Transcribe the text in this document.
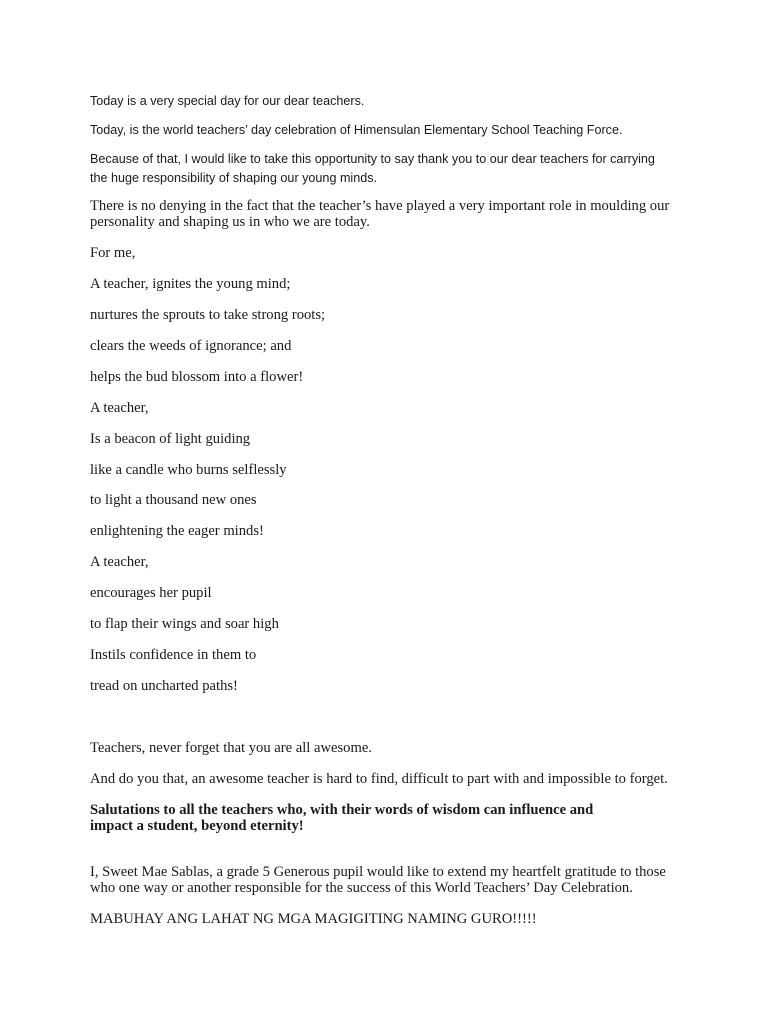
Today is a very special day for our dear teachers.

Today, is the world teachers’ day celebration of Himensulan Elementary School Teaching Force.

Because of that, I would like to take this opportunity to say thank you to our dear teachers for carrying

the huge responsibility of shaping our young minds.

There is no denying in the fact that the teacher’s have played a very important role in moulding our

personality and shaping us in who we are today.

For me,

A teacher, ignites the young mind;

nurtures the sprouts to take strong roots;

clears the weeds of ignorance; and

helps the bud blossom into a flower!

A teacher,

Is a beacon of light guiding

like a candle who burns selflessly

to light a thousand new ones

enlightening the eager minds!

A teacher,

encourages her pupil

to flap their wings and soar high

Instils confidence in them to

tread on uncharted paths!

Teachers, never forget that you are all awesome.

And do you that, an awesome teacher is hard to find, difficult to part with and impossible to forget.

Salutations to all the teachers who, with their words of wisdom can influence and

impact a student, beyond eternity!

I, Sweet Mae Sablas, a grade 5 Generous pupil would like to extend my heartfelt gratitude to those

who one way or another responsible for the success of this World Teachers’ Day Celebration.

MABUHAY ANG LAHAT NG MGA MAGIGITING NAMING GURO!!!!!
